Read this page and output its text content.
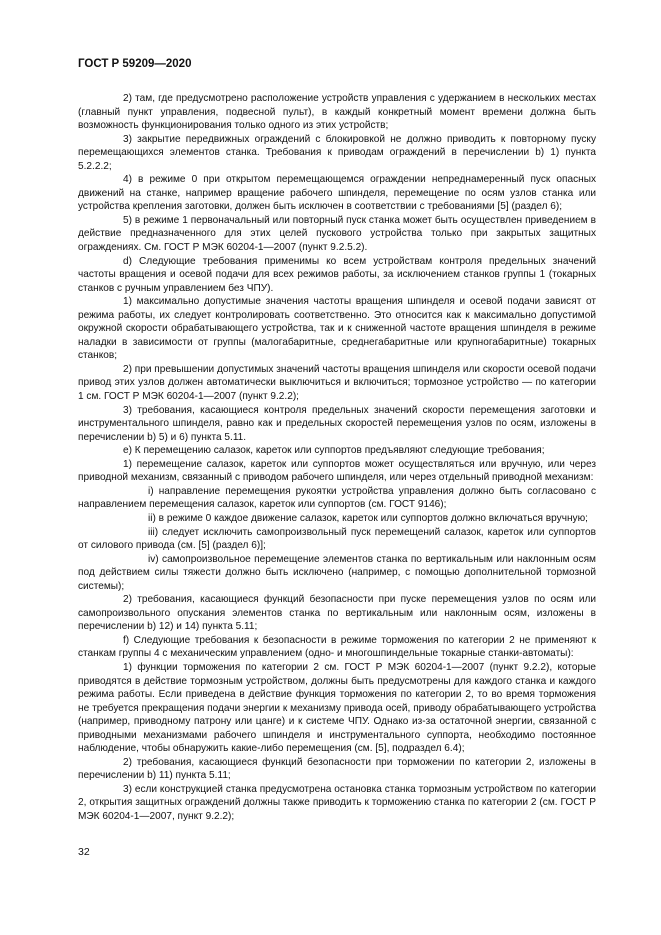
ГОСТ Р 59209—2020

2) там, где предусмотрено расположение устройств управления с удержанием в нескольких местах (главный пункт управления, подвесной пульт), в каждый конкретный момент времени должна быть возможность функционирования только одного из этих устройств;

3) закрытие передвижных ограждений с блокировкой не должно приводить к повторному пуску перемещающихся элементов станка. Требования к приводам ограждений в перечислении b) 1) пункта 5.2.2.2;

4) в режиме 0 при открытом перемещающемся ограждении непреднамеренный пуск опасных движений на станке, например вращение рабочего шпинделя, перемещение по осям узлов станка или устройства крепления заготовки, должен быть исключен в соответствии с требованиями [5] (раздел 6);

5) в режиме 1 первоначальный или повторный пуск станка может быть осуществлен приведением в действие предназначенного для этих целей пускового устройства только при закрытых защитных ограждениях. См. ГОСТ Р МЭК 60204-1—2007 (пункт 9.2.5.2).

d) Следующие требования применимы ко всем устройствам контроля предельных значений частоты вращения и осевой подачи для всех режимов работы, за исключением станков группы 1 (токарных станков с ручным управлением без ЧПУ).

1) максимально допустимые значения частоты вращения шпинделя и осевой подачи зависят от режима работы, их следует контролировать соответственно. Это относится как к максимально допустимой окружной скорости обрабатывающего устройства, так и к сниженной частоте вращения шпинделя в режиме наладки в зависимости от группы (малогабаритные, среднегабаритные или крупногабаритные) токарных станков;

2) при превышении допустимых значений частоты вращения шпинделя или скорости осевой подачи привод этих узлов должен автоматически выключиться и включиться; тормозное устройство — по категории 1 см. ГОСТ Р МЭК 60204-1—2007 (пункт 9.2.2);

3) требования, касающиеся контроля предельных значений скорости перемещения заготовки и инструментального шпинделя, равно как и предельных скоростей перемещения узлов по осям, изложены в перечислении b) 5) и 6) пункта 5.11.

e) К перемещению салазок, кареток или суппортов предъявляют следующие требования;

1) перемещение салазок, кареток или суппортов может осуществляться или вручную, или через приводной механизм, связанный с приводом рабочего шпинделя, или через отдельный приводной механизм:

i) направление перемещения рукоятки устройства управления должно быть согласовано с направлением перемещения салазок, кареток или суппортов (см. ГОСТ 9146);

ii) в режиме 0 каждое движение салазок, кареток или суппортов должно включаться вручную;

iii) следует исключить самопроизвольный пуск перемещений салазок, кареток или суппортов от силового привода (см. [5] (раздел 6)];

iv) самопроизвольное перемещение элементов станка по вертикальным или наклонным осям под действием силы тяжести должно быть исключено (например, с помощью дополнительной тормозной системы);

2) требования, касающиеся функций безопасности при пуске перемещения узлов по осям или самопроизвольного опускания элементов станка по вертикальным или наклонным осям, изложены в перечислении b) 12) и 14) пункта 5.11;

f) Следующие требования к безопасности в режиме торможения по категории 2 не применяют к станкам группы 4 с механическим управлением (одно- и многошпиндельные токарные станки-автоматы):

1) функции торможения по категории 2 см. ГОСТ Р МЭК 60204-1—2007 (пункт 9.2.2), которые приводятся в действие тормозным устройством, должны быть предусмотрены для каждого станка и каждого режима работы. Если приведена в действие функция торможения по категории 2, то во время торможения не требуется прекращения подачи энергии к механизму привода осей, приводу обрабатывающего устройства (например, приводному патрону или цанге) и к системе ЧПУ. Однако из-за остаточной энергии, связанной с приводными механизмами рабочего шпинделя и инструментального суппорта, необходимо постоянное наблюдение, чтобы обнаружить какие-либо перемещения (см. [5], подраздел 6.4);

2) требования, касающиеся функций безопасности при торможении по категории 2, изложены в перечислении b) 11) пункта 5.11;

3) если конструкцией станка предусмотрена остановка станка тормозным устройством по категории 2, открытия защитных ограждений должны также приводить к торможению станка по категории 2 (см. ГОСТ Р МЭК 60204-1—2007, пункт 9.2.2);

32
